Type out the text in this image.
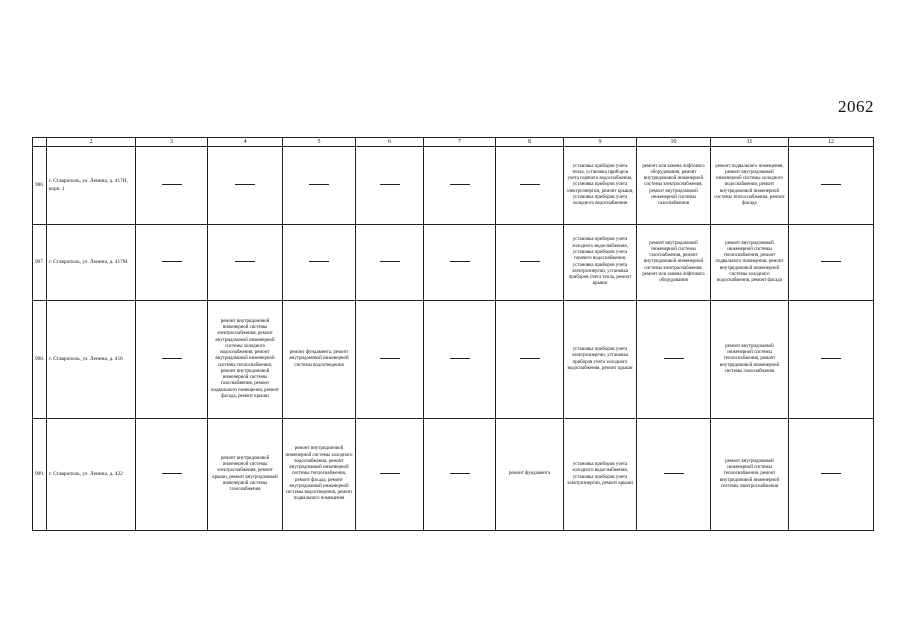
2062
	2	3	4	5	6	7	8	9	10	11	12
906.	г. Ставрополь, ул. Ленина, д. 417Н, корп. 1							установка приборов учета тепла, установка приборов учета горячего водоснабжения, установка приборов учета электроэнергии, ремонт крыши, установка приборов учета холодного водоснабжения	ремонт или замена лифтового оборудования, ремонт внутридомовой инженерной системы электроснабжения, ремонт внутридомовой инженерной системы газоснабжения	ремонт подвального помещения, ремонт внутридомовой инженерной системы холодного водоснабжения, ремонт внутридомовой инженерной системы теплоснабжения, ремонт фасада	
907.	г. Ставрополь, ул. Ленина, д. 417М							установка приборов учета холодного водоснабжения, установка приборов учета горячего водоснабжения, установка приборов учета электроэнергии, установка приборов учета тепла, ремонт крыши	ремонт внутридомовой инженерной системы газоснабжения, ремонт внутридомовой инженерной системы электроснабжения, ремонт или замена лифтового оборудования	ремонт внутридомовой инженерной системы теплоснабжения, ремонт подвального помещения, ремонт внутридомовой инженерной системы холодного водоснабжения, ремонт фасада	
908.	г. Ставрополь, ул. Ленина, д. 416		ремонт внутридомовой инженерной системы электроснабжения, ремонт внутридомовой инженерной системы холодного водоснабжения, ремонт внутридомовой инженерной системы теплоснабжения, ремонт внутридомовой инженерной системы газоснабжения, ремонт подвального помещения, ремонт фасада, ремонт крыши	ремонт фундамента, ремонт внутридомовой инженерной системы водоотведения				установка приборов учета электроэнергии, установка приборов учета холодного водоснабжения, ремонт крыши		ремонт внутридомовой инженерной системы теплоснабжения, ремонт внутридомовой инженерной системы газоснабжения	
909.	г. Ставрополь, ул. Ленина, д. 422		ремонт внутридомовой инженерной системы электроснабжения, ремонт крыши, ремонт внутридомовой инженерной системы газоснабжения	ремонт внутридомовой инженерной системы холодного водоснабжения, ремонт внутридомовой инженерной системы теплоснабжения, ремонт фасада, ремонт внутридомовой инженерной системы водоотведения, ремонт подвального помещения			ремонт фундамента	установка приборов учета холодного водоснабжения, установка приборов учета электроэнергии, ремонт крыши		ремонт внутридомовой инженерной системы теплоснабжения, ремонт внутридомовой инженерной системы электроснабжения	
